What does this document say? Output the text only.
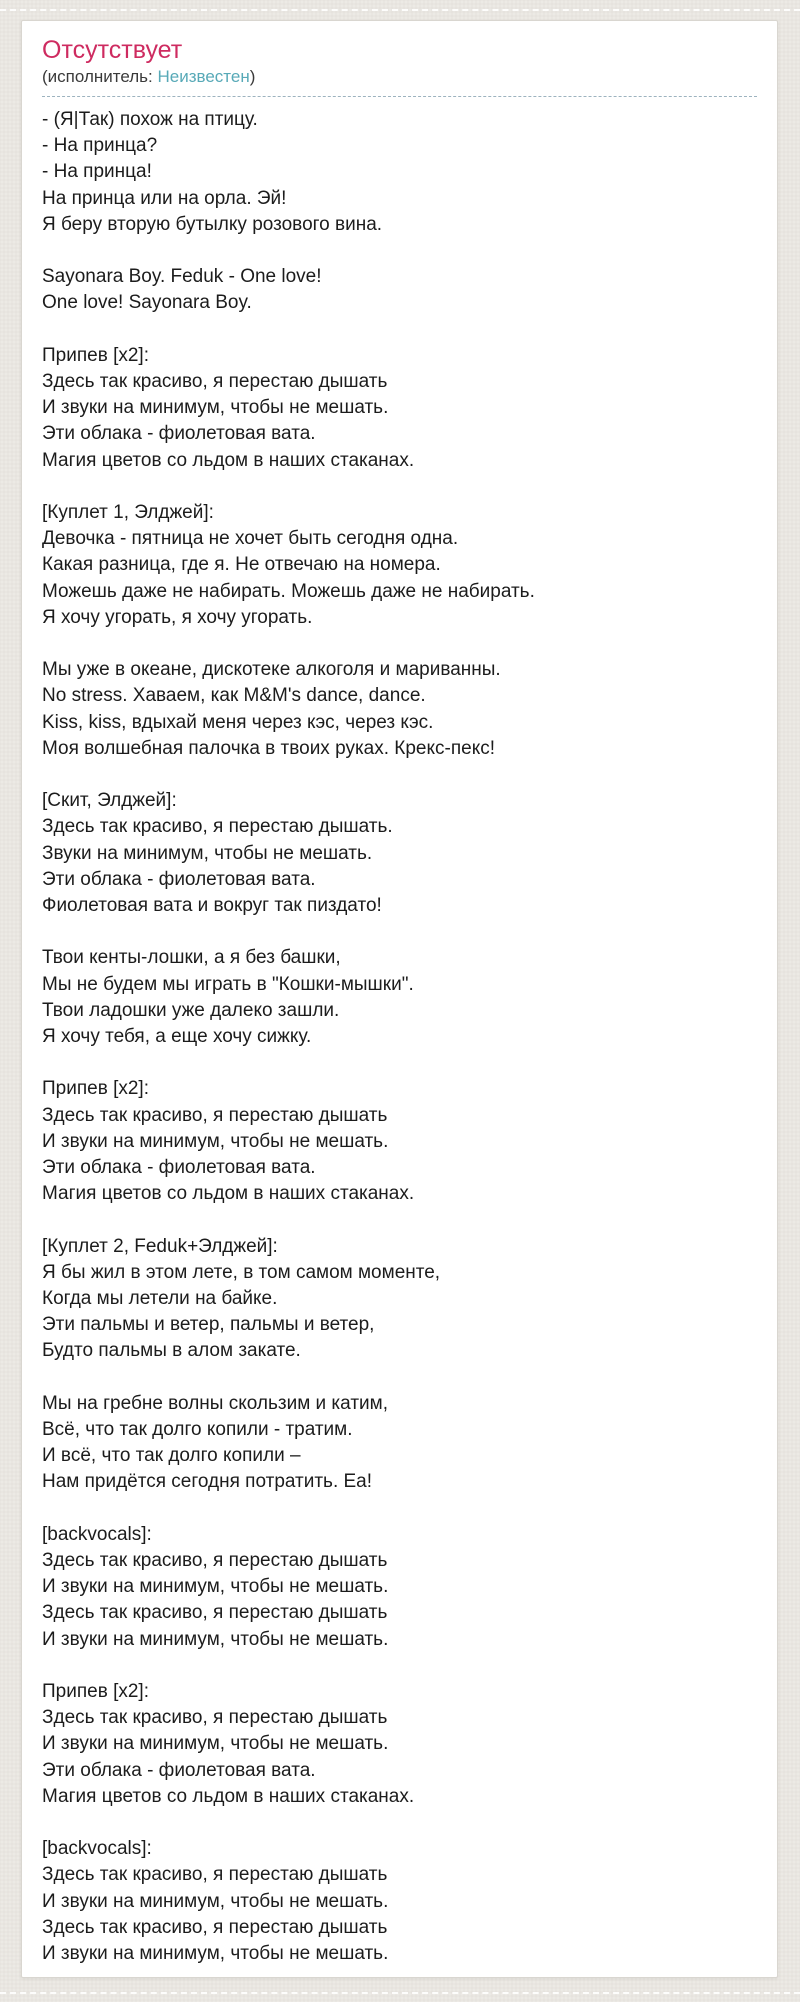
Отсутствует
(исполнитель: Неизвестен)
- (Я|Так) похож на птицу.
- На принца?
- На принца!
На принца или на орла. Эй!
Я беру вторую бутылку розового вина.
Sayonara Boy. Feduk - One love!
One love! Sayonara Boy.
Припев [x2]:
Здесь так красиво, я перестаю дышать
И звуки на минимум, чтобы не мешать.
Эти облака - фиолетовая вата.
Магия цветов со льдом в наших стаканах.
[Куплет 1, Элджей]:
Девочка - пятница не хочет быть сегодня одна.
Какая разница, где я. Не отвечаю на номера.
Можешь даже не набирать. Можешь даже не набирать.
Я хочу угорать, я хочу угорать.
Мы уже в океане, дискотеке алкоголя и мариванны.
No stress. Хаваем, как M&M's dance, dance.
Kiss, kiss, вдыхай меня через кэс, через кэс.
Моя волшебная палочка в твоих руках. Крекс-пекс!
[Скит, Элджей]:
Здесь так красиво, я перестаю дышать.
Звуки на минимум, чтобы не мешать.
Эти облака - фиолетовая вата.
Фиолетовая вата и вокруг так пиздато!
Твои кенты-лошки, а я без башки,
Мы не будем мы играть в "Кошки-мышки".
Твои ладошки уже далеко зашли.
Я хочу тебя, а еще хочу сижку.
Припев [x2]:
Здесь так красиво, я перестаю дышать
И звуки на минимум, чтобы не мешать.
Эти облака - фиолетовая вата.
Магия цветов со льдом в наших стаканах.
[Куплет 2, Feduk+Элджей]:
Я бы жил в этом лете, в том самом моменте,
Когда мы летели на байке.
Эти пальмы и ветер, пальмы и ветер,
Будто пальмы в алом закате.
Мы на гребне волны скользим и катим,
Всё, что так долго копили - тратим.
И всё, что так долго копили –
Нам придётся сегодня потратить. Еа!
[backvocals]:
Здесь так красиво, я перестаю дышать
И звуки на минимум, чтобы не мешать.
Здесь так красиво, я перестаю дышать
И звуки на минимум, чтобы не мешать.
Припев [x2]:
Здесь так красиво, я перестаю дышать
И звуки на минимум, чтобы не мешать.
Эти облака - фиолетовая вата.
Магия цветов со льдом в наших стаканах.
[backvocals]:
Здесь так красиво, я перестаю дышать
И звуки на минимум, чтобы не мешать.
Здесь так красиво, я перестаю дышать
И звуки на минимум, чтобы не мешать.
